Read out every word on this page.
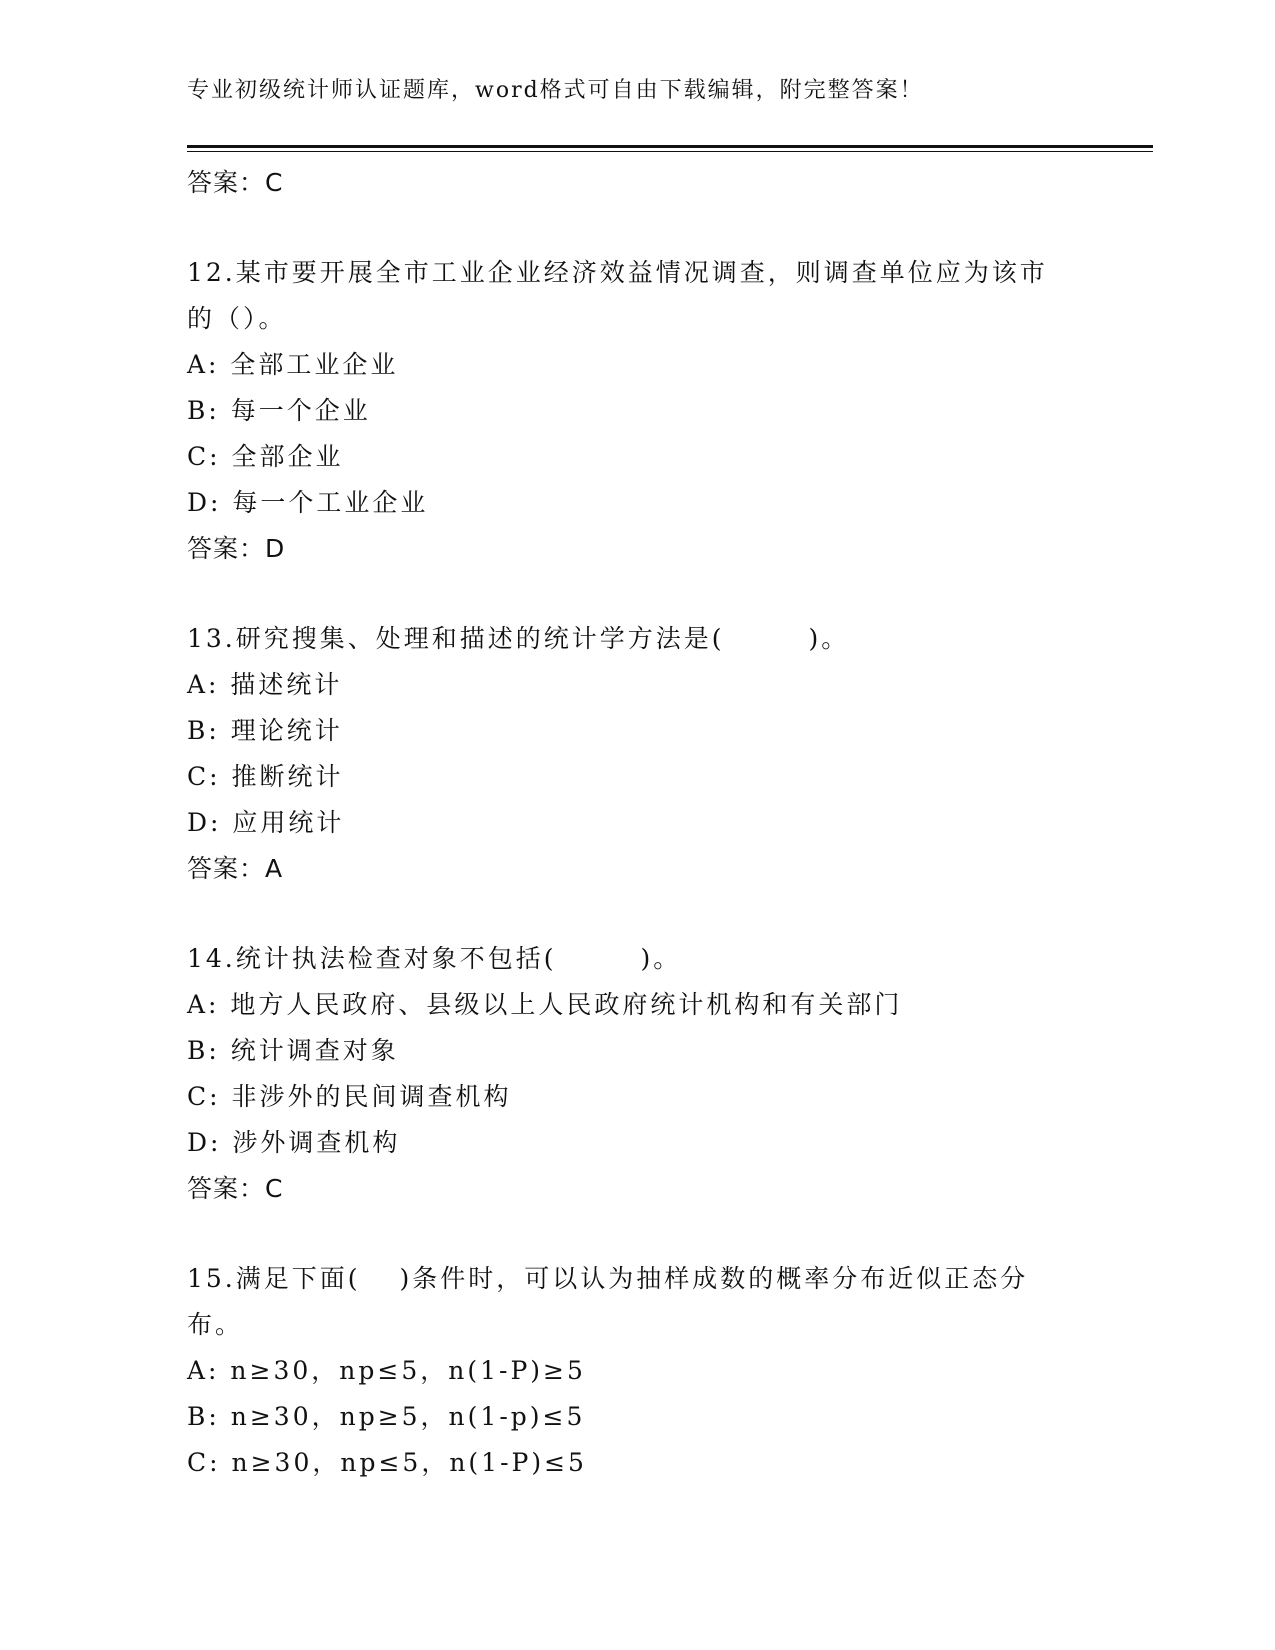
专业初级统计师认证题库，word格式可自由下载编辑，附完整答案！
答案：C
12.某市要开展全市工业企业经济效益情况调查，则调查单位应为该市
的（）。
A: 全部工业企业
B: 每一个企业
C: 全部企业
D: 每一个工业企业
答案：D
13.研究搜集、处理和描述的统计学方法是(　　　)。
A: 描述统计
B: 理论统计
C: 推断统计
D: 应用统计
答案：A
14.统计执法检查对象不包括(　　　)。
A: 地方人民政府、县级以上人民政府统计机构和有关部门
B: 统计调查对象
C: 非涉外的民间调查机构
D: 涉外调查机构
答案：C
15.满足下面(　 )条件时，可以认为抽样成数的概率分布近似正态分
布。
A: n≥30，np≤5，n(1-P)≥5
B: n≥30，np≥5，n(1-p)≤5
C: n≥30，np≤5，n(1-P)≤5
